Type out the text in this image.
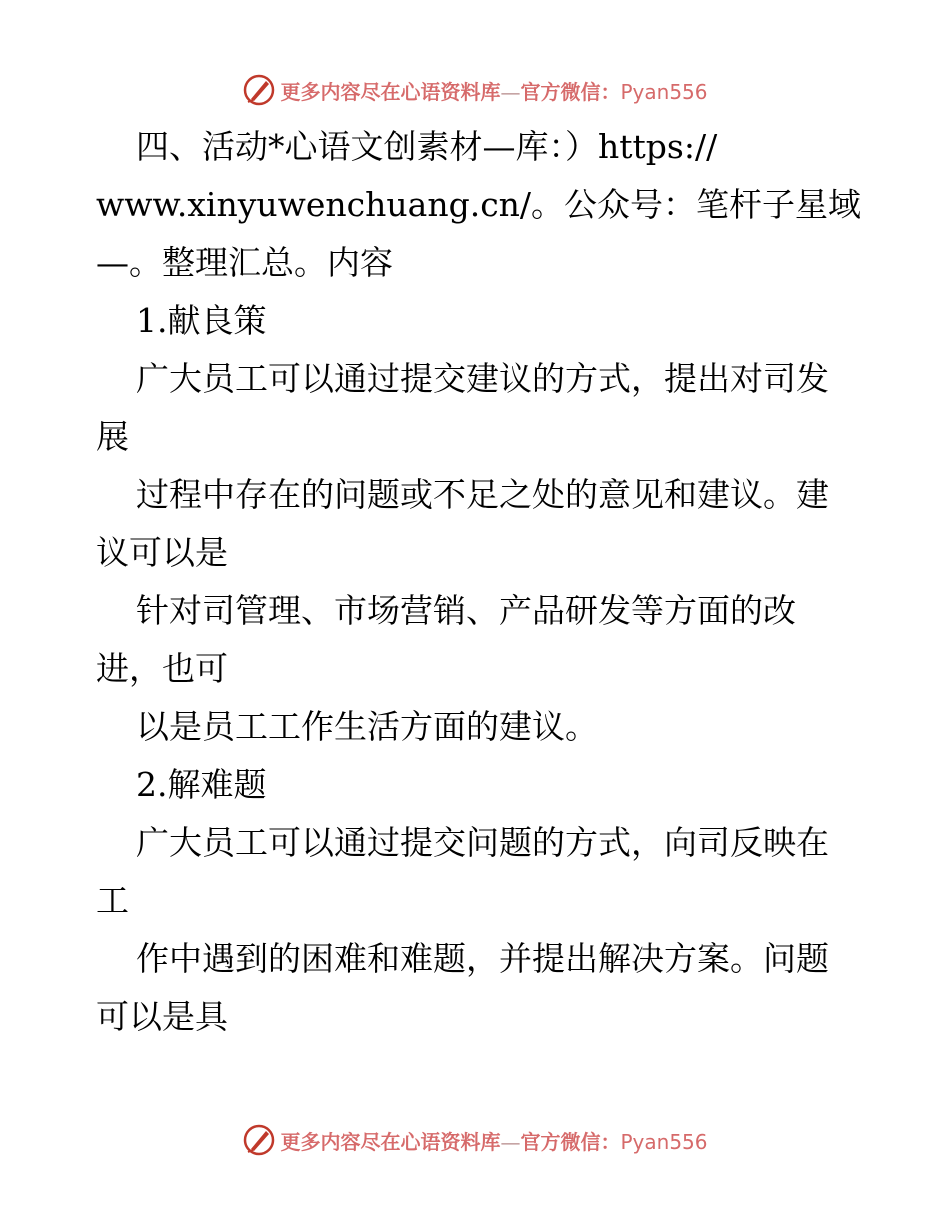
更多内容尽在心语资料库—官方微信：Pyan556
四、活动*心语文创素材—库：）https://
www.xinyuwenchuang.cn/。公众号：笔杆子星域
—。整理汇总。内容
1.献良策
广大员工可以通过提交建议的方式，提出对司发
展
过程中存在的问题或不足之处的意见和建议。建
议可以是
针对司管理、市场营销、产品研发等方面的改
进，也可
以是员工工作生活方面的建议。
2.解难题
广大员工可以通过提交问题的方式，向司反映在
工
作中遇到的困难和难题，并提出解决方案。问题
可以是具
更多内容尽在心语资料库—官方微信：Pyan556
